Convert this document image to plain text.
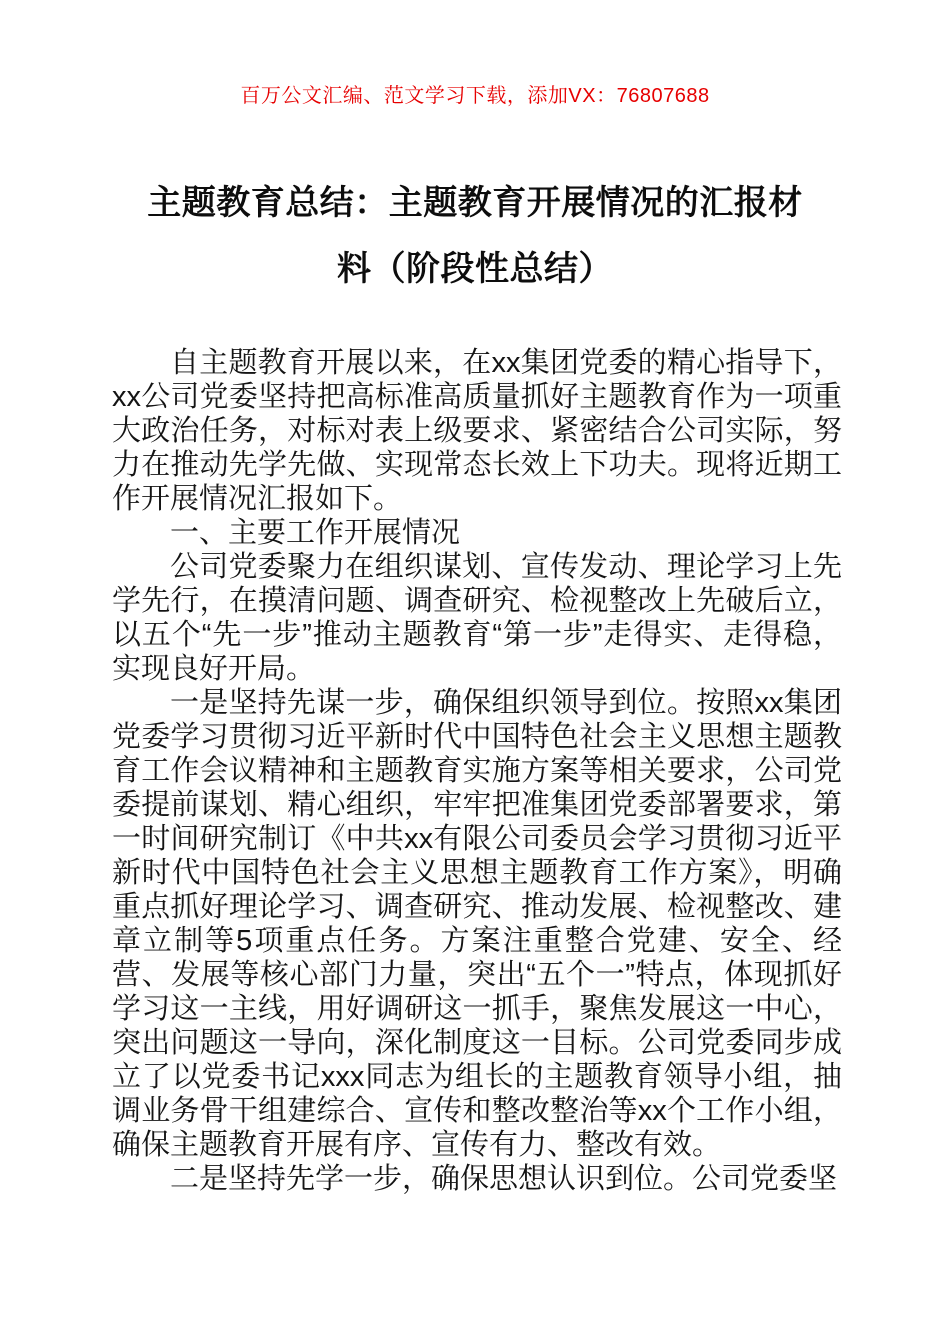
百万公文汇编、范文学习下载，添加VX：76807688
主题教育总结：主题教育开展情况的汇报材料（阶段性总结）

自主题教育开展以来，在xx集团党委的精心指导下，xx公司党委坚持把高标准高质量抓好主题教育作为一项重大政治任务，对标对表上级要求、紧密结合公司实际，努力在推动先学先做、实现常态长效上下功夫。现将近期工作开展情况汇报如下。

一、主要工作开展情况

公司党委聚力在组织谋划、宣传发动、理论学习上先学先行，在摸清问题、调查研究、检视整改上先破后立，以五个“先一步”推动主题教育“第一步”走得实、走得稳，实现良好开局。

一是坚持先谋一步，确保组织领导到位。按照xx集团党委学习贯彻习近平新时代中国特色社会主义思想主题教育工作会议精神和主题教育实施方案等相关要求，公司党委提前谋划、精心组织，牢牢把准集团党委部署要求，第一时间研究制订《中共xx有限公司委员会学习贯彻习近平新时代中国特色社会主义思想主题教育工作方案》，明确重点抓好理论学习、调查研究、推动发展、检视整改、建章立制等5项重点任务。方案注重整合党建、安全、经营、发展等核心部门力量，突出“五个一”特点，体现抓好学习这一主线，用好调研这一抓手，聚焦发展这一中心，突出问题这一导向，深化制度这一目标。公司党委同步成立了以党委书记xxx同志为组长的主题教育领导小组，抽调业务骨干组建综合、宣传和整改整治等xx个工作小组，确保主题教育开展有序、宣传有力、整改有效。

二是坚持先学一步，确保思想认识到位。公司党委坚
